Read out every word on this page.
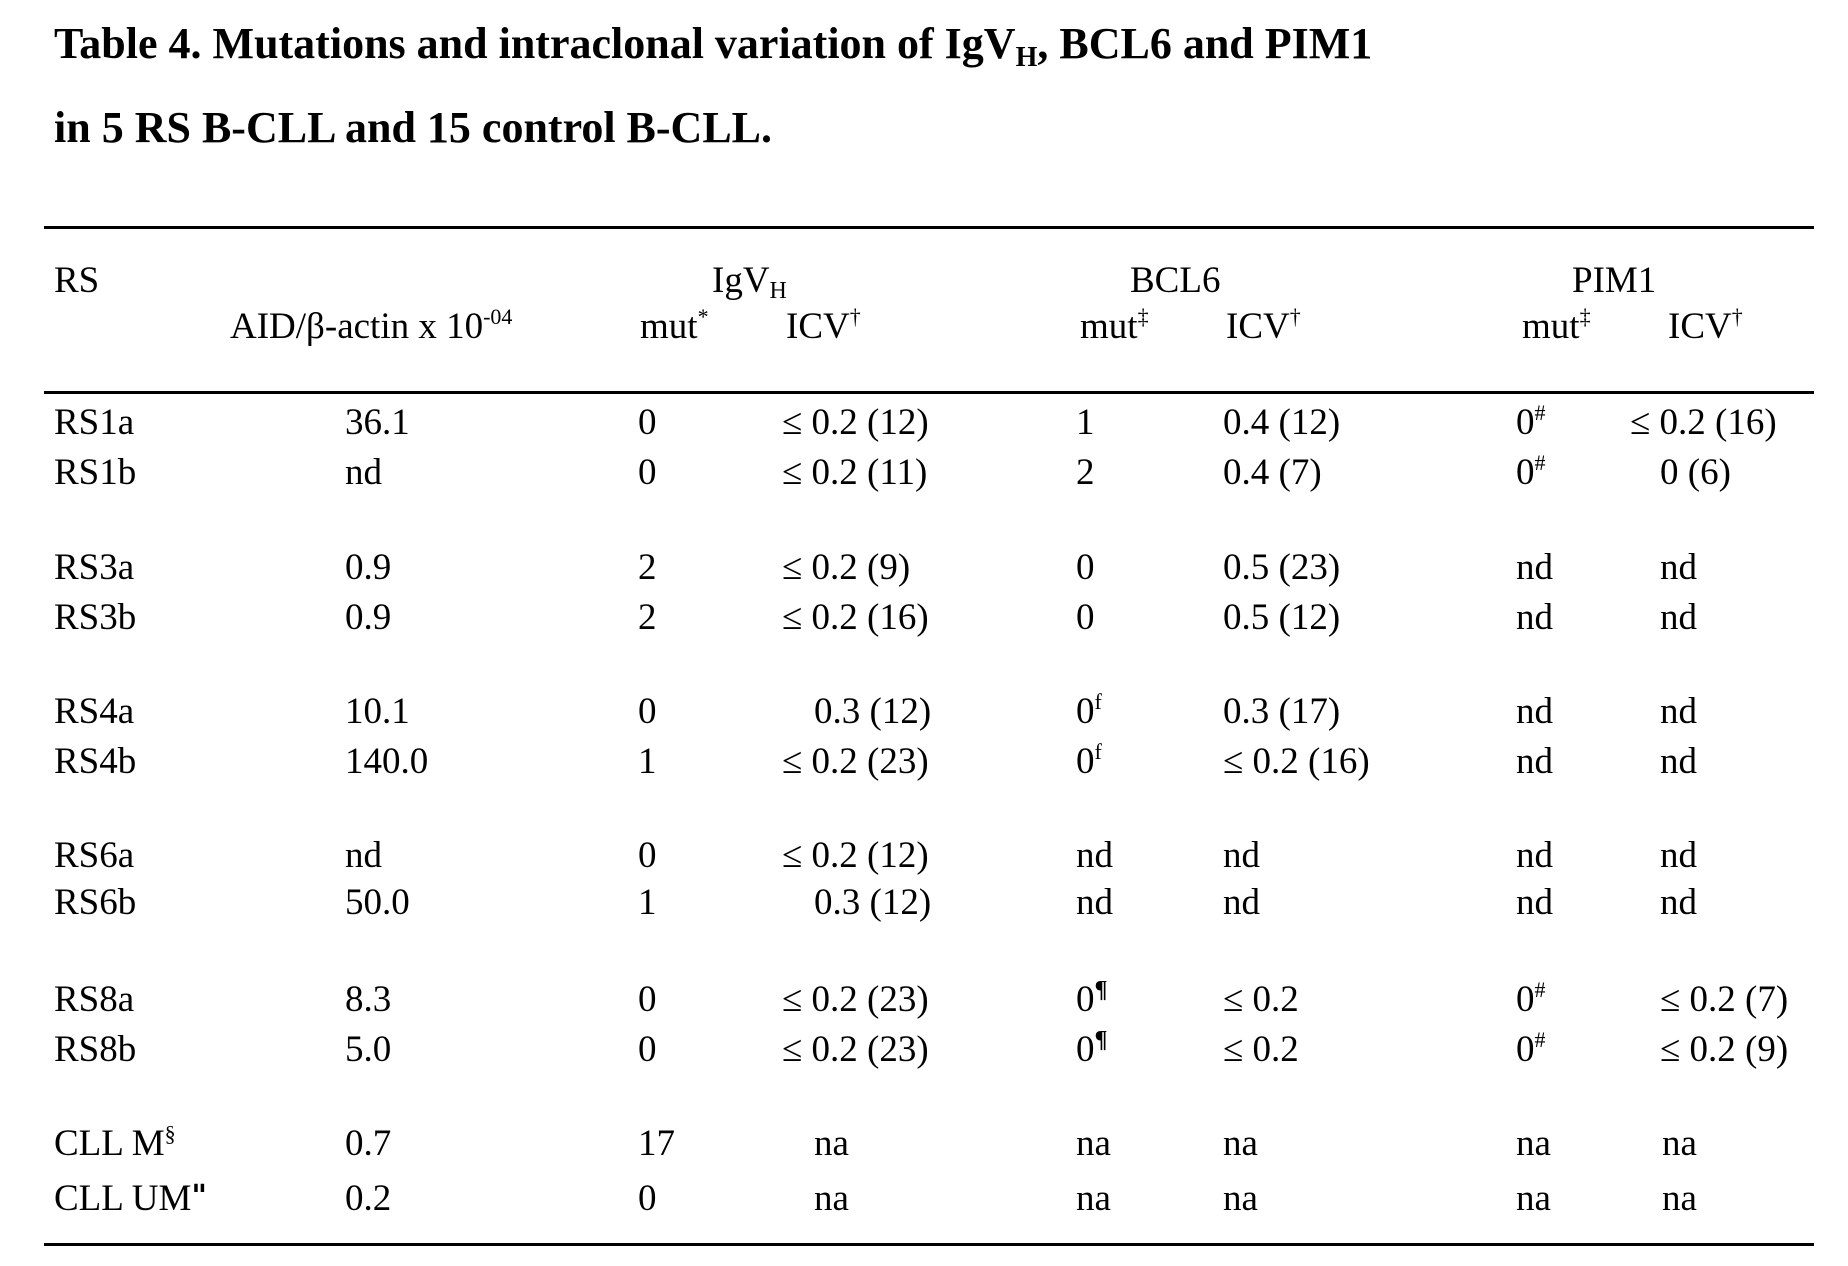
Table 4. Mutations and intraclonal variation of IgV$_H$, BCL6 and PIM1
in 5 RS B-CLL and 15 control B-CLL.
RS	IgV$_H$	BCL6	PIM1
AID/β-actin x $10^{-04}$	mut* ICV†	mut‡ ICV†	mut‡ ICV†
RS1a	36.1	0	≤ 0.2 (12)	1	0.4 (12)	0# ≤ 0.2 (16)
RS1b	nd	0	≤ 0.2 (11)	2	0.4 (7)	0#	0 (6)
RS3a	0.9	2	≤ 0.2 (9)	0	0.5 (23)	nd	nd
RS3b	0.9	2	≤ 0.2 (16)	0	0.5 (12)	nd	nd
RS4a	10.1	0	0.3 (12)	0$^f$	0.3 (17)	nd	nd
RS4b	140.0	1	≤ 0.2 (23)	$0^f$	≤ 0.2 (16)	nd	nd
RS6a	nd	0	≤ 0.2 (12)	nd	nd	nd	nd
RS6b	50.0	1	0.3 (12)	nd	nd	nd	nd
RS8a	8.3	0	≤ 0.2 (23)	0¶	≤ 0.2	0#	≤ 0.2 (7)
RS8b	5.0	0	≤ 0.2 (23)	0¶	≤ 0.2	0#	≤ 0.2 (9)
CLL M§	0.7	17	na	na	na	na	na
CLL UM"	0.2	0	na	na	na	na	na
